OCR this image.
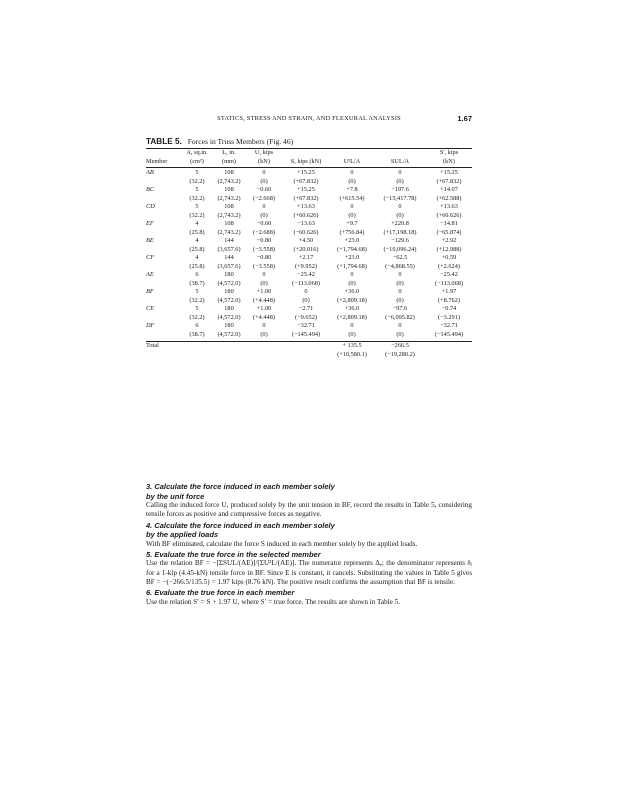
STATICS, STRESS AND STRAIN, AND FLEXURAL ANALYSIS	1.67
TABLE 5. Forces in Truss Members (Fig. 46)
	A, sq.in.	L, in.	U, kips				S', kips
Member	(cm²)	(mm)	(kN)	S, kips (kN)	U²L/A	SUL/A	(kN)
AB	5	108	0	+15.25	0	0	+15.25
	(32.2)	(2,743.2)	(0)	(+67.832)	(0)	(0)	(+67.832)
BC	5	108	−0.60	+15.25	+7.8	−197.6	+14.07
	(32.2)	(2,743.2)	(−2.668)	(+67.832)	(+615.54)	(−15,417.78)	(+62.588)
CD	5	108	0	+13.63	0	0	+13.63
	(32.2)	(2,743.2)	(0)	(+60.626)	(0)	(0)	(+60.626)
EF	4	108	−0.60	−13.63	+9.7	+220.8	−14.81
	(25.8)	(2,743.2)	(−2.688)	(−60.626)	(+756.84)	(+17,198.18)	(−65.874)
BE	4	144	−0.80	+4.50	+23.0	−129.6	+2.92
	(25.8)	(3,657.6)	(−3.558)	(+20.016)	(+1,794.68)	(−10,096.24)	(+12.988)
CF	4	144	−0.80	+2.17	+23.0	−62.5	+0.59
	(25.8)	(3,657.6)	(−3.558)	(+9.952)	(+1,794.68)	(−4,868.55)	(+2.624)
AE	6	180	0	−25.42	0	0	−25.42
	(38.7)	(4,572.0)	(0)	(−113.068)	(0)	(0)	(−113.068)
BF	5	180	+1.00	0	+36.0	0	+1.97
	(32.2)	(4,572.0)	(+4.448)	(0)	(+2,809.18)	(0)	(+8.762)
CE	5	180	+1.00	−2.71	+36.0	−97.6	−0.74
	(32.2)	(4,572.0)	(+4.448)	(−9.652)	(+2,809.18)	(−6,095.82)	(−3.291)
DF	6	180	0	−32.71	0	0	−32.71
	(38.7)	(4,572.0)	(0)	(−145.494)	(0)	(0)	(−145.494)
Total					+ 135.5	−266.5	
					(+10,580.1)	(−19,280.2)	
3. Calculate the force induced in each member solely
by the unit force
Calling the induced force U, produced solely by the unit tension in BF, record the results in Table 5, considering tensile forces as positive and compressive forces as negative.
4. Calculate the force induced in each member solely
by the applied loads
With BF eliminated, calculate the force S induced in each member solely by the applied loads.
5. Evaluate the true force in the selected member
Use the relation BF = −[ΣSUL/(AE)]/[ΣU²L/(AE)]. The numerator represents Δₐ; the denominator represents δᵢ for a 1-kip (4.45-kN) tensile force in BF. Since E is constant, it cancels. Substituting the values in Table 5 gives BF = −(−266.5/135.5) = 1.97 kips (8.76 kN). The positive result confirms the assumption that BF is tensile.
6. Evaluate the true force in each member
Use the relation S′ = S + 1.97 U, where S′ = true force. The results are shown in Table 5.
